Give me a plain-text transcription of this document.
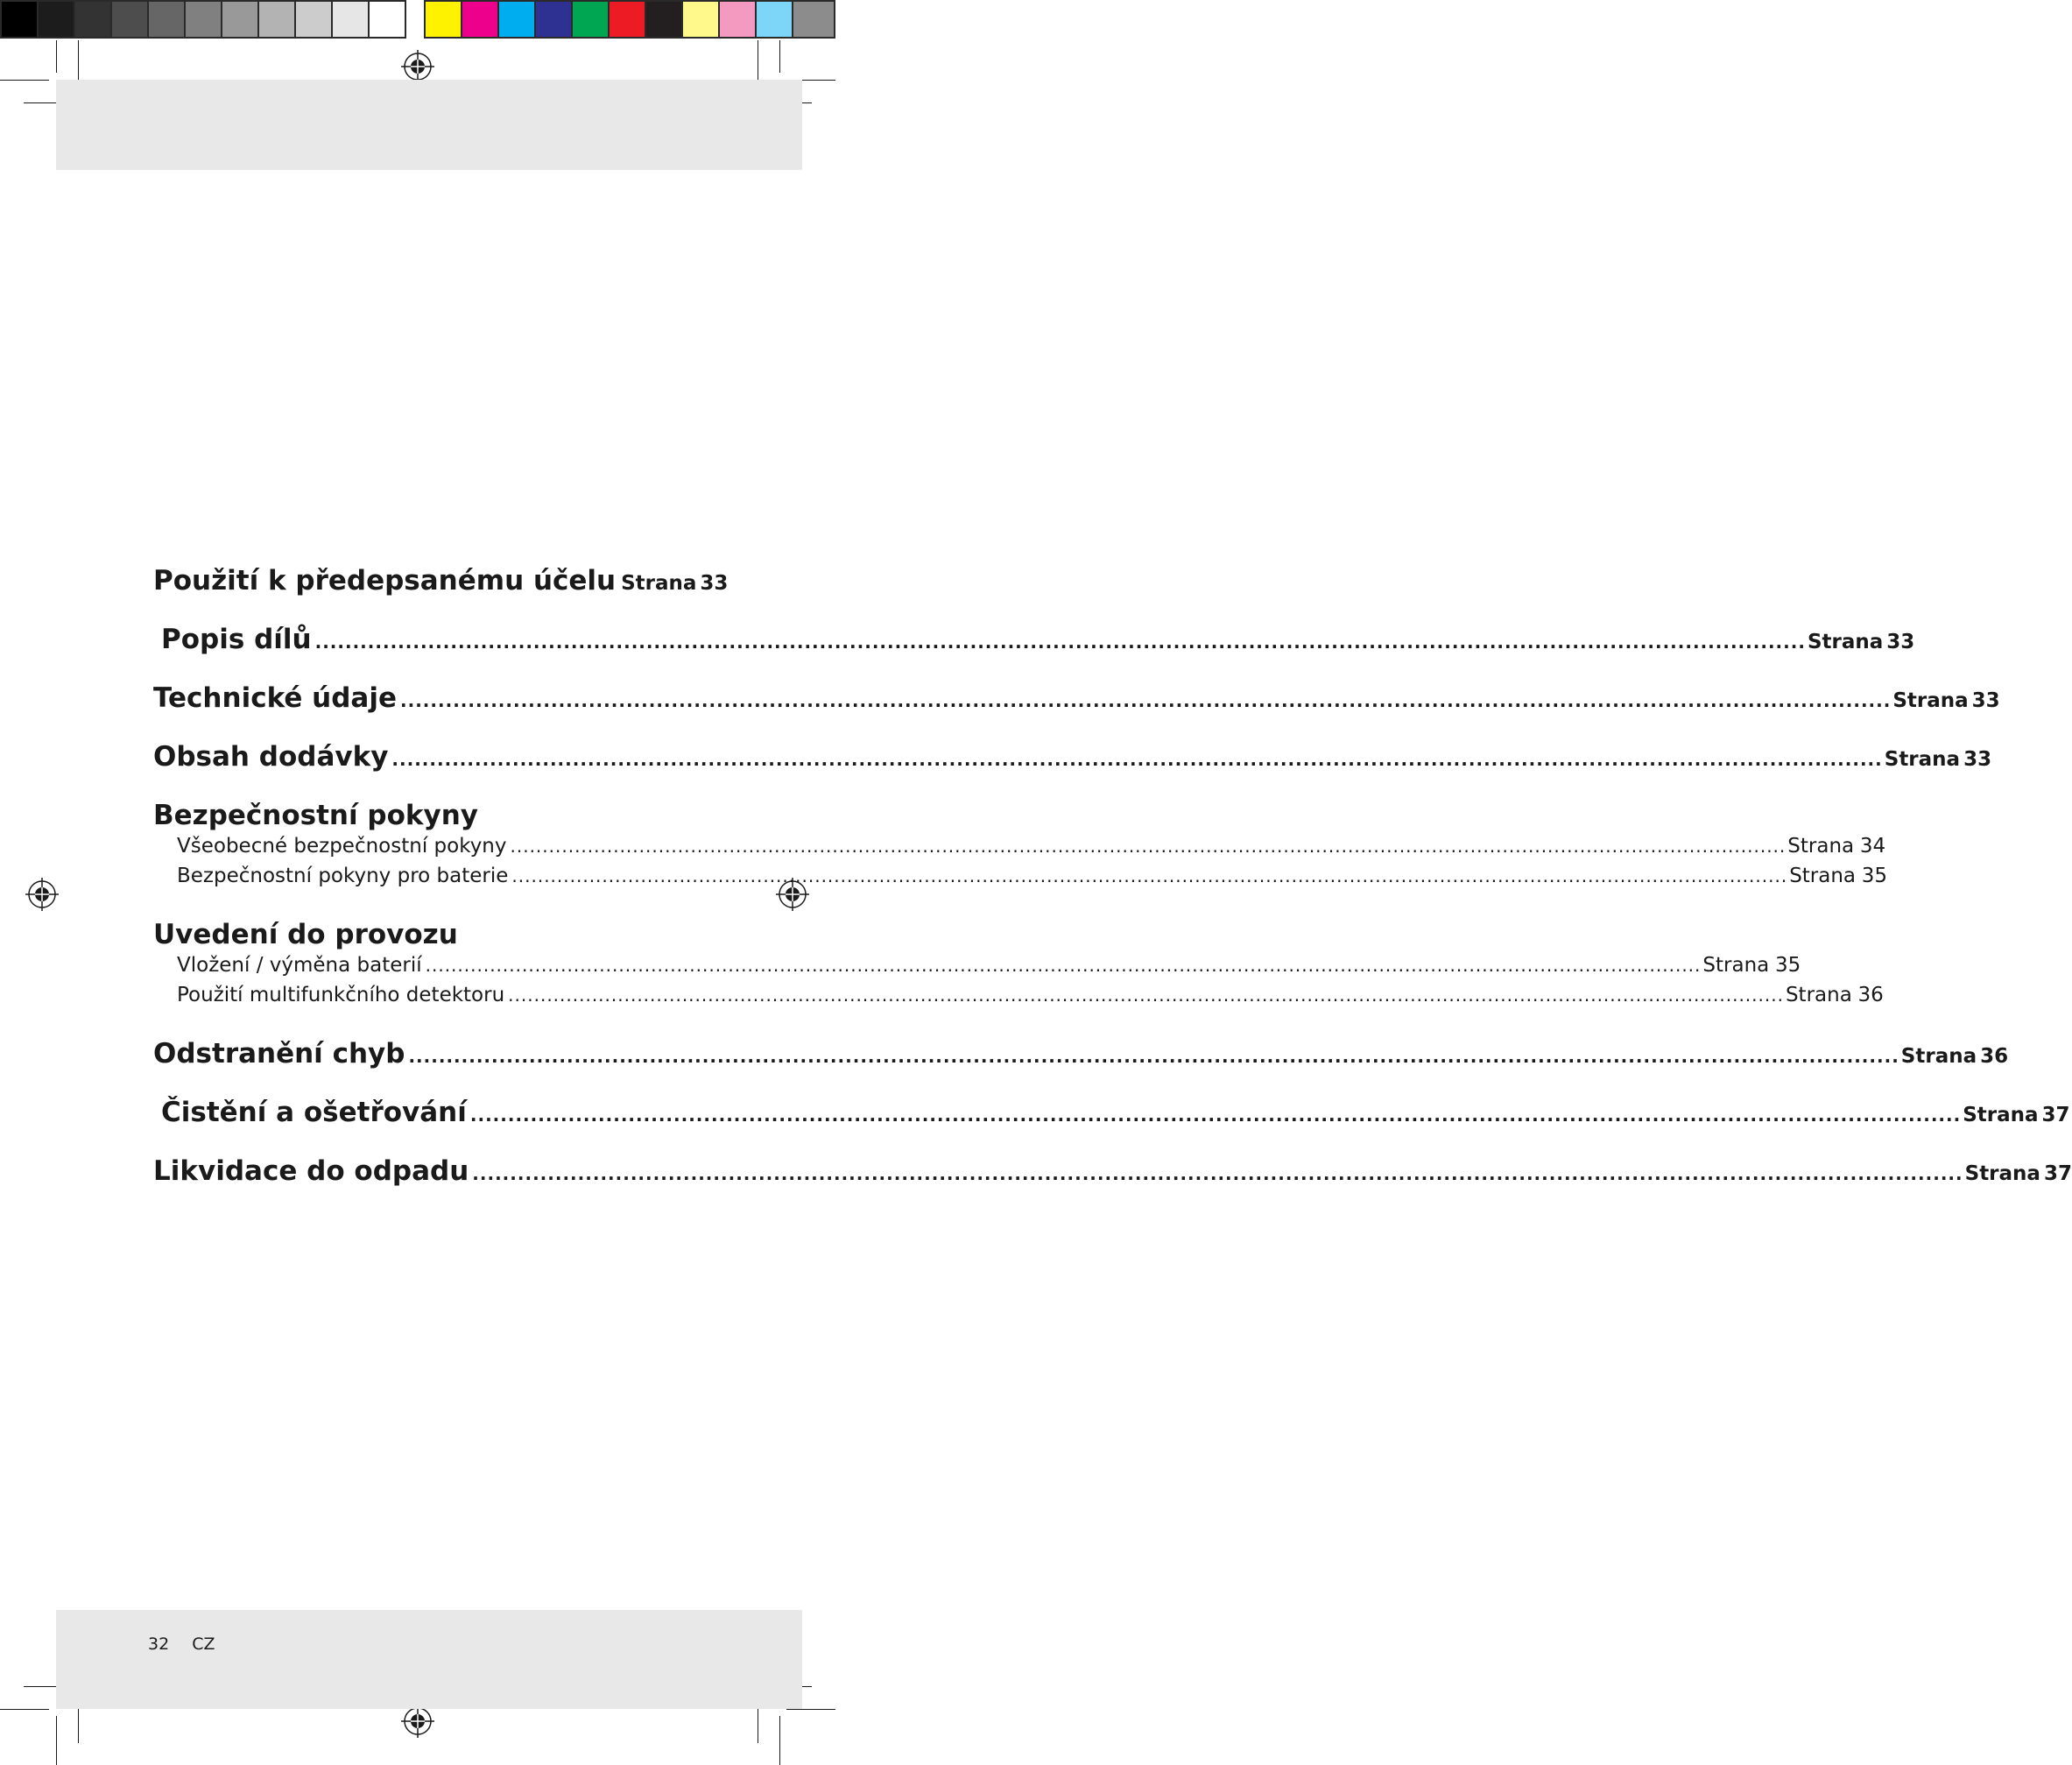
Použití k předepsanému účelu Strana 33
Popis dílů .....	Strana 33
Technické údaje .....	Strana 33
Obsah dodávky .....	Strana 33
Bezpečnostní pokyny
Všeobecné bezpečnostní pokyny .....	Strana 34
Bezpečnostní pokyny pro baterie .....	Strana 35
Uvedení do provozu
Vložení / výměna baterií .....	Strana 35
Použití multifunkčního detektoru .....	Strana 36
Odstranění chyb .....	Strana 36
Čistění a ošetřování .....	Strana 37
Likvidace do odpadu .....	Strana 37
32 CZ
